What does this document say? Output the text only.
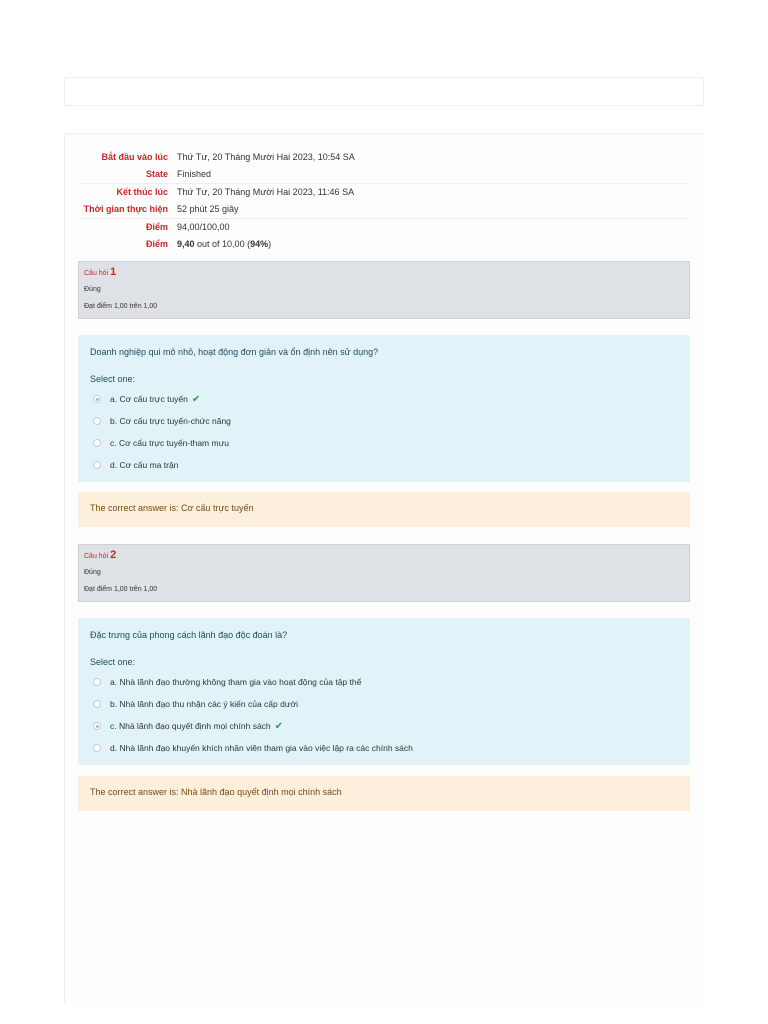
Bắt đầu vào lúc	Thứ Tư, 20 Tháng Mười Hai 2023, 10:54 SA
State	Finished
Kết thúc lúc	Thứ Tư, 20 Tháng Mười Hai 2023, 11:46 SA
Thời gian thực hiện	52 phút 25 giây
Điểm	94,00/100,00
Điểm	9,40 out of 10,00 (94%)
Câu hỏi 1
Đúng
Đạt điểm 1,00 trên 1,00
Doanh nghiệp qui mô nhỏ, hoạt động đơn giản và ổn định nên sử dụng?
Select one:
a. Cơ cấu trực tuyến ✔
b. Cơ cấu trực tuyến-chức năng
c. Cơ cấu trực tuyến-tham mưu
d. Cơ cấu ma trận
The correct answer is: Cơ cấu trực tuyến
Câu hỏi 2
Đúng
Đạt điểm 1,00 trên 1,00
Đặc trưng của phong cách lãnh đạo độc đoán là?
Select one:
a. Nhà lãnh đạo thường không tham gia vào hoạt động của tập thể
b. Nhà lãnh đạo thu nhận các ý kiến của cấp dưới
c. Nhà lãnh đạo quyết định mọi chính sách ✔
d. Nhà lãnh đạo khuyến khích nhân viên tham gia vào việc lập ra các chính sách
The correct answer is: Nhà lãnh đạo quyết định mọi chính sách
